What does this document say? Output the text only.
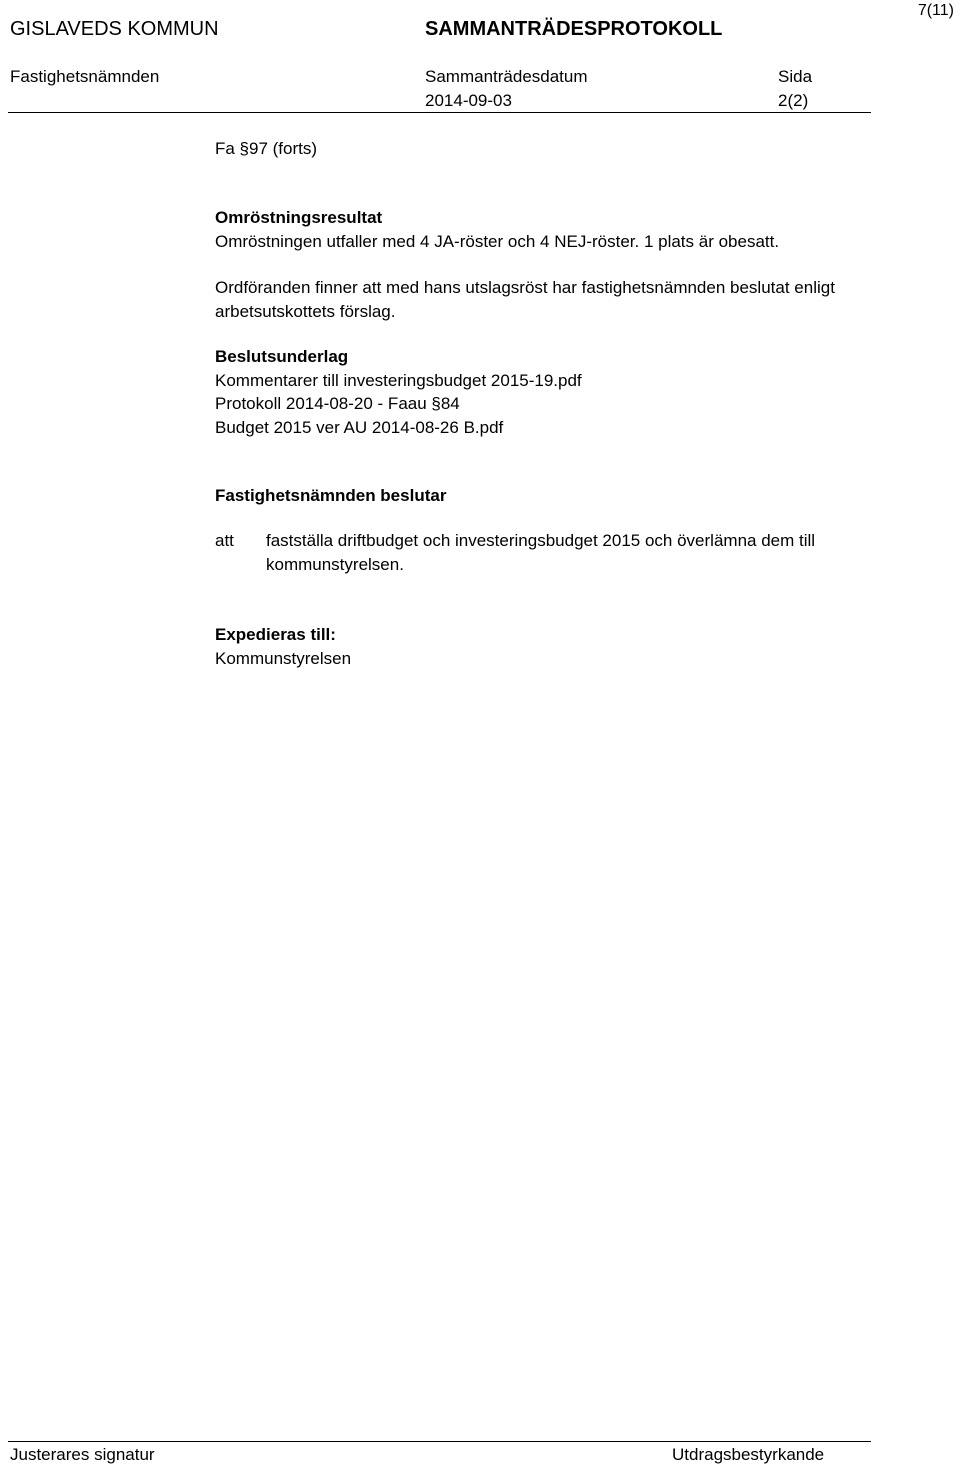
7(11)
GISLAVEDS KOMMUN	SAMMANTRÄDESPROTOKOLL
Fastighetsnämnden	Sammanträdesdatum
2014-09-03
Sida
2(2)
Fa §97 (forts)
Omröstningsresultat
Omröstningen utfaller med 4 JA-röster och 4 NEJ-röster. 1 plats är obesatt.
Ordföranden finner att med hans utslagsröst har fastighetsnämnden beslutat enligt arbetsutskottets förslag.
Beslutsunderlag
Kommentarer till investeringsbudget 2015-19.pdf
Protokoll 2014-08-20 - Faau §84
Budget 2015 ver AU 2014-08-26 B.pdf
Fastighetsnämnden beslutar
att fastställa driftbudget och investeringsbudget 2015 och överlämna dem till kommunstyrelsen.
Expedieras till:
Kommunstyrelsen
Justerares signatur	Utdragsbestyrkande
